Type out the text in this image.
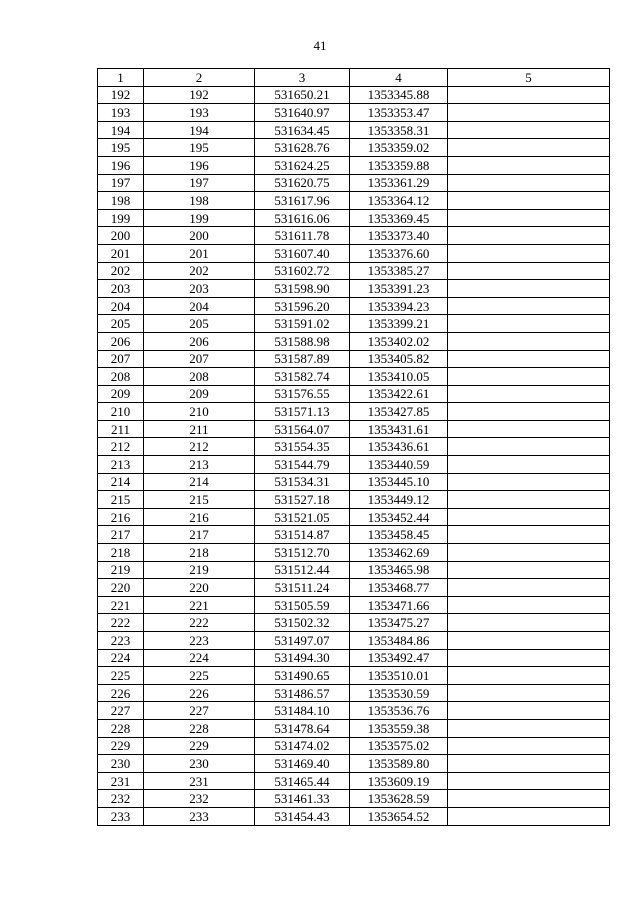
41
1	2	3	4	5
192	192	531650.21	1353345.88	
193	193	531640.97	1353353.47	
194	194	531634.45	1353358.31	
195	195	531628.76	1353359.02	
196	196	531624.25	1353359.88	
197	197	531620.75	1353361.29	
198	198	531617.96	1353364.12	
199	199	531616.06	1353369.45	
200	200	531611.78	1353373.40	
201	201	531607.40	1353376.60	
202	202	531602.72	1353385.27	
203	203	531598.90	1353391.23	
204	204	531596.20	1353394.23	
205	205	531591.02	1353399.21	
206	206	531588.98	1353402.02	
207	207	531587.89	1353405.82	
208	208	531582.74	1353410.05	
209	209	531576.55	1353422.61	
210	210	531571.13	1353427.85	
211	211	531564.07	1353431.61	
212	212	531554.35	1353436.61	
213	213	531544.79	1353440.59	
214	214	531534.31	1353445.10	
215	215	531527.18	1353449.12	
216	216	531521.05	1353452.44	
217	217	531514.87	1353458.45	
218	218	531512.70	1353462.69	
219	219	531512.44	1353465.98	
220	220	531511.24	1353468.77	
221	221	531505.59	1353471.66	
222	222	531502.32	1353475.27	
223	223	531497.07	1353484.86	
224	224	531494.30	1353492.47	
225	225	531490.65	1353510.01	
226	226	531486.57	1353530.59	
227	227	531484.10	1353536.76	
228	228	531478.64	1353559.38	
229	229	531474.02	1353575.02	
230	230	531469.40	1353589.80	
231	231	531465.44	1353609.19	
232	232	531461.33	1353628.59	
233	233	531454.43	1353654.52	
